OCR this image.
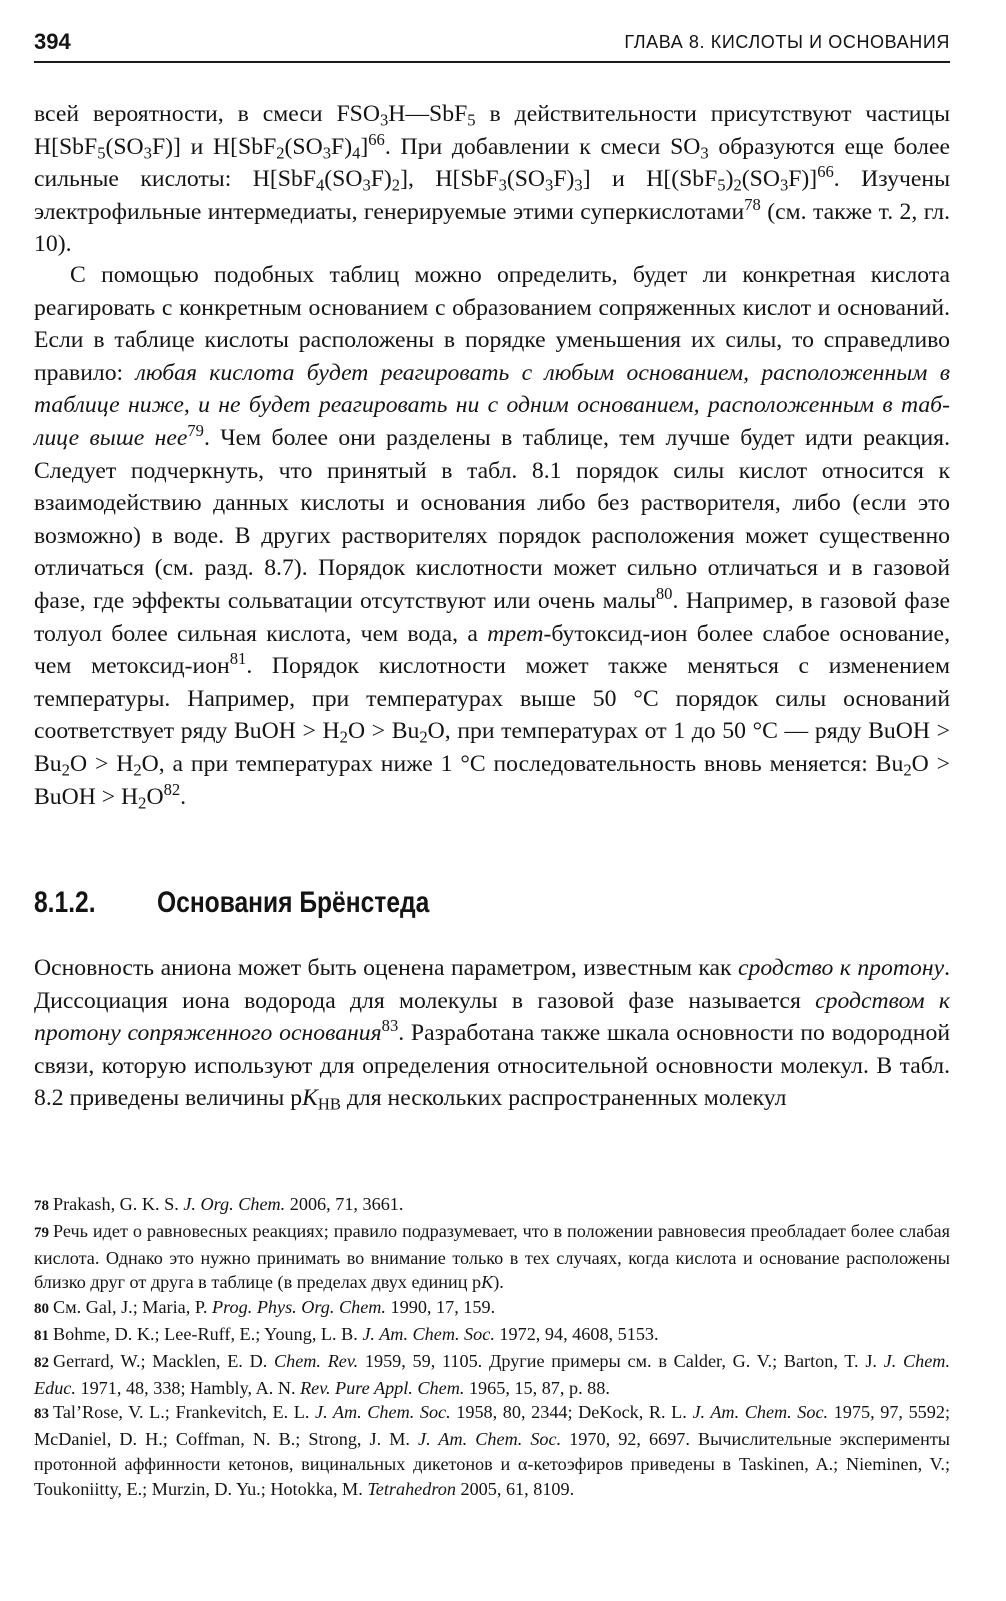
394	ГЛАВА 8. КИСЛОТЫ И ОСНОВАНИЯ

всей вероятности, в смеси $FSO_3H—SbF_5$ в действительности присутствуют частицы $H[SbF_5(SO_3F)]$ и $H[SbF_2(SO_3F)_4]^{66}$. При добавлении к смеси $SO_3$ образуются еще более сильные кислоты: $H[SbF_4(SO_3F)_2]$, $H[SbF_3(SO_3F)_3]$ и $H[(SbF_5)_2(SO_3F)]^{66}$. Изучены электрофильные интермедиаты, генерируемые этими суперкислотами$^{78}$ (см. также т. 2, гл. 10).

С помощью подобных таблиц можно определить, будет ли конкретная кислота реагировать с конкретным основанием с образованием сопряженных кислот и оснований. Если в таблице кислоты расположены в порядке уменьшения их силы, то справедливо правило: любая кислота будет реагировать с любым основанием, расположенным в таблице ниже, и не будет реагировать ни с одним основанием, расположенным в таблице выше нее$^{79}$. Чем более они разделены в таблице, тем лучше будет идти реакция. Следует подчеркнуть, что принятый в табл. 8.1 порядок силы кислот относится к взаимодействию данных кислоты и основания либо без растворителя, либо (если это возможно) в воде. В других растворителях порядок расположения может существенно отличаться (см. разд. 8.7). Порядок кислотности может сильно отличаться и в газовой фазе, где эффекты сольватации отсутствуют или очень малы$^{80}$. Например, в газовой фазе толуол более сильная кислота, чем вода, а трет-бутоксид-ион более слабое основание, чем метоксид-ион$^{81}$. Порядок кислотности может также меняться с изменением температуры. Например, при температурах выше 50 °С порядок силы оснований соответствует ряду BuOH > $H_2O > Bu_2O$, при температурах от 1 до 50 °С — ряду BuOH > $Bu_2O > H_2O$, а при температурах ниже 1 °С последовательность вновь меняется: $Bu_2O$ > BuOH > $H_2O^{82}$.

8.1.2. Основания Брёнстеда

Основность аниона может быть оценена параметром, известным как сродство к протону. Диссоциация иона водорода для молекулы в газовой фазе называется сродством к протону сопряженного основания$^{83}$. Разработана также шкала основности по водородной связи, которую используют для определения относительной основности молекул. В табл. 8.2 приведены величины $pK_{HB}$ для нескольких распространенных молекул

78 Prakash, G. K. S. J. Org. Chem. 2006, 71, 3661.

79 Речь идет о равновесных реакциях; правило подразумевает, что в положении равновесия преобладает более слабая кислота. Однако это нужно принимать во внимание только в тех случаях, когда кислота и основание расположены близко друг от друга в таблице (в пределах двух единиц pK).

80 См. Gal, J.; Maria, P. Prog. Phys. Org. Chem. 1990, 17, 159.

81 Bohme, D. K.; Lee-Ruff, E.; Young, L. B. J. Am. Chem. Soc. 1972, 94, 4608, 5153.

82 Gerrard, W.; Macklen, E. D. Chem. Rev. 1959, 59, 1105. Другие примеры см. в Calder, G. V.; Barton, T. J. J. Chem. Educ. 1971, 48, 338; Hambly, A. N. Rev. Pure Appl. Chem. 1965, 15, 87, p. 88.

83 Tal’Rose, V. L.; Frankevitch, E. L. J. Am. Chem. Soc. 1958, 80, 2344; DeKock, R. L. J. Am. Chem. Soc. 1975, 97, 5592; McDaniel, D. H.; Coffman, N. B.; Strong, J. M. J. Am. Chem. Soc. 1970, 92, 6697. Вычислительные эксперименты протонной аффинности кетонов, вицинальных дикетонов и α-кетоэфиров приведены в Taskinen, A.; Nieminen, V.; Toukoniitty, E.; Murzin, D. Yu.; Hotokka, M. Tetrahedron 2005, 61, 8109.
